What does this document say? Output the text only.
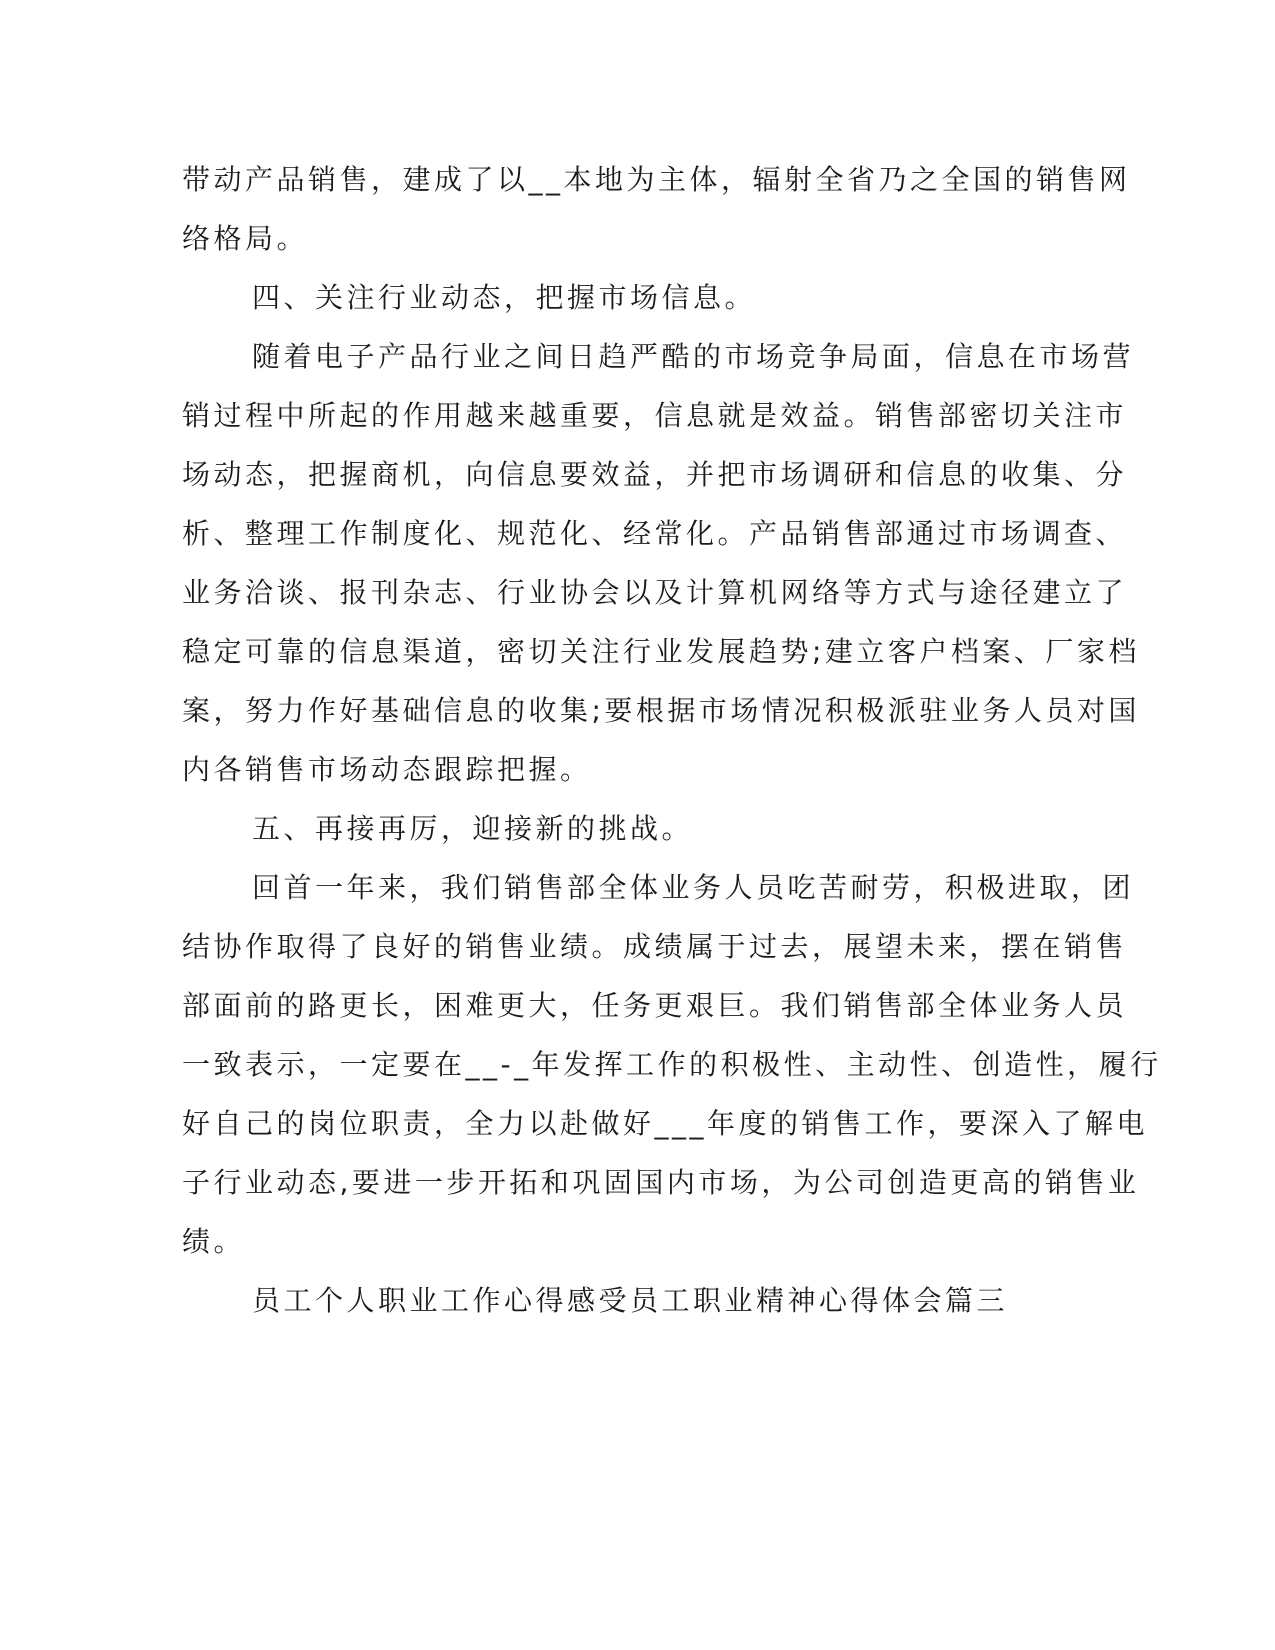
带动产品销售，建成了以__本地为主体，辐射全省乃之全国的销售网
络格局。
四、关注行业动态，把握市场信息。
随着电子产品行业之间日趋严酷的市场竞争局面，信息在市场营
销过程中所起的作用越来越重要，信息就是效益。销售部密切关注市
场动态，把握商机，向信息要效益，并把市场调研和信息的收集、分
析、整理工作制度化、规范化、经常化。产品销售部通过市场调查、
业务洽谈、报刊杂志、行业协会以及计算机网络等方式与途径建立了
稳定可靠的信息渠道，密切关注行业发展趋势;建立客户档案、厂家档
案，努力作好基础信息的收集;要根据市场情况积极派驻业务人员对国
内各销售市场动态跟踪把握。
五、再接再厉，迎接新的挑战。
回首一年来，我们销售部全体业务人员吃苦耐劳，积极进取，团
结协作取得了良好的销售业绩。成绩属于过去，展望未来，摆在销售
部面前的路更长，困难更大，任务更艰巨。我们销售部全体业务人员
一致表示，一定要在__-_年发挥工作的积极性、主动性、创造性，履行
好自己的岗位职责，全力以赴做好___年度的销售工作，要深入了解电
子行业动态,要进一步开拓和巩固国内市场，为公司创造更高的销售业
绩。
员工个人职业工作心得感受员工职业精神心得体会篇三
